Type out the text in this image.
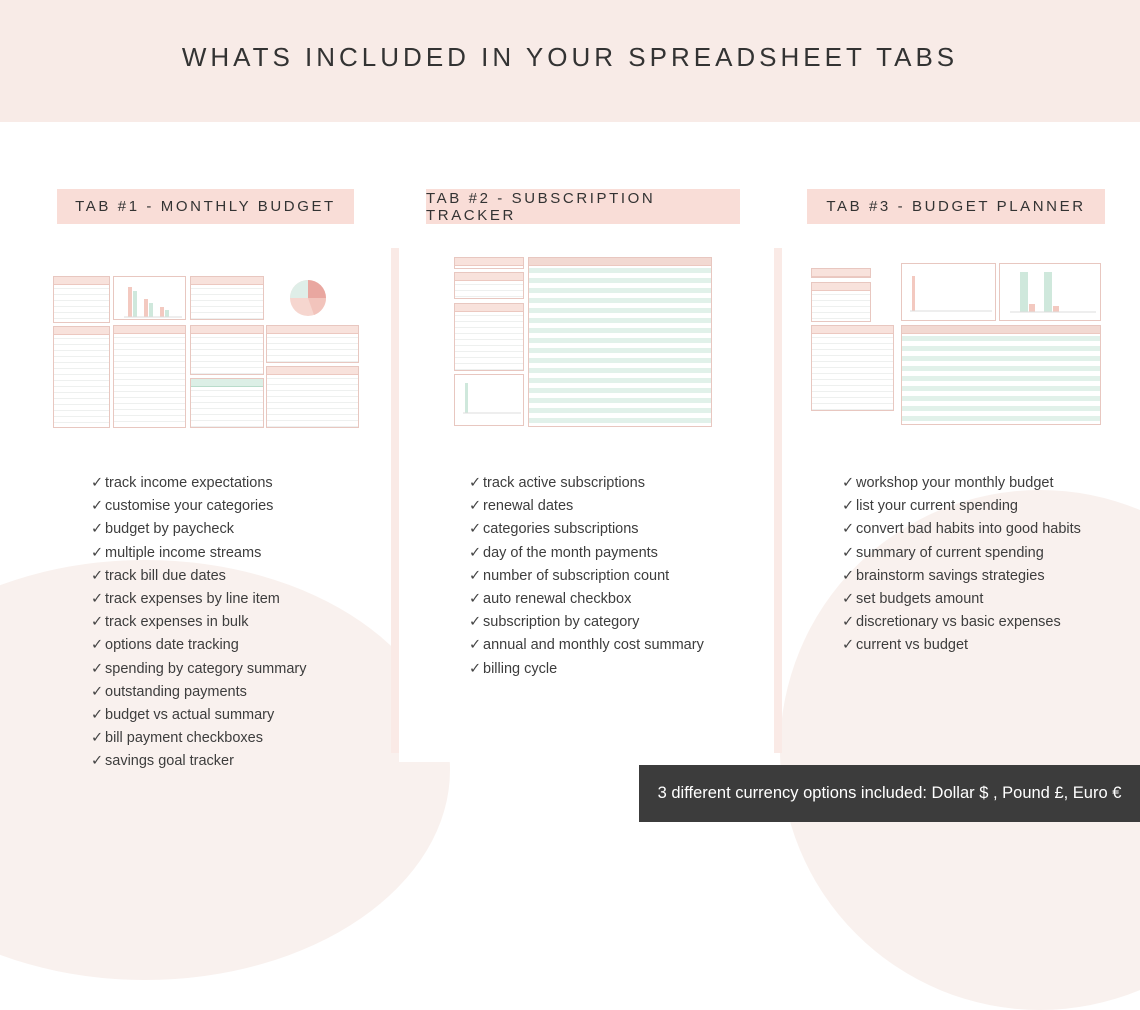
WHATS INCLUDED IN YOUR SPREADSHEET TABS
TAB #1 - MONTHLY BUDGET	TAB #2 - SUBSCRIPTION TRACKER	TAB #3 - BUDGET PLANNER
✓ track income expectations
✓ customise your categories
✓ budget by paycheck
✓ multiple income streams
✓ track bill due dates
✓ track expenses by line item
✓ track expenses in bulk
✓ options date tracking
✓ spending by category summary
✓ outstanding payments
✓ budget vs actual summary
✓ bill payment checkboxes
✓ savings goal tracker
✓ track active subscriptions
✓ renewal dates
✓ categories subscriptions
✓ day of the month payments
✓ number of subscription count
✓ auto renewal checkbox
✓ subscription by category
✓ annual and monthly cost summary
✓ billing cycle
✓ workshop your monthly budget
✓ list your current spending
✓ convert bad habits into good habits
✓ summary of current spending
✓ brainstorm savings strategies
✓ set budgets amount
✓ discretionary vs basic expenses
✓ current vs budget
3 different currency options included: Dollar $ , Pound £, Euro €
